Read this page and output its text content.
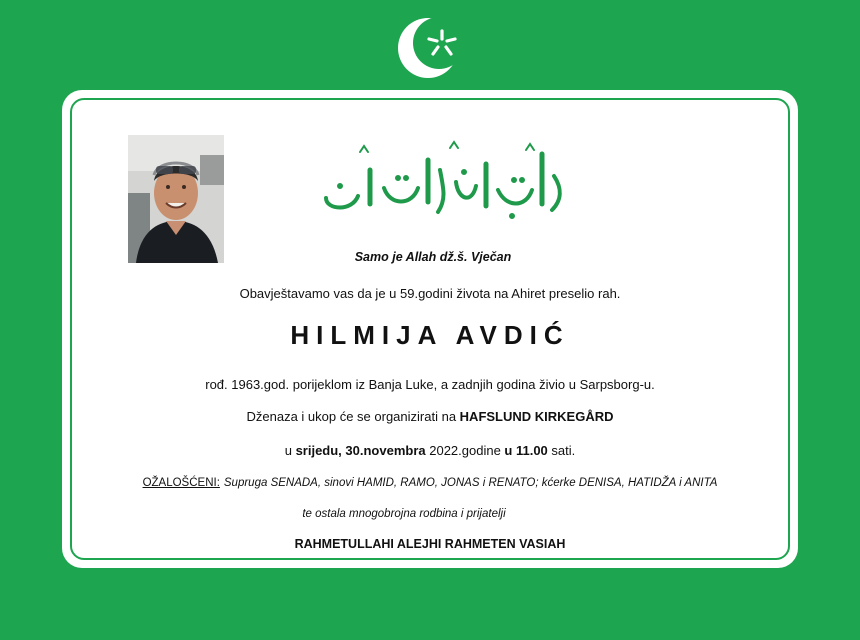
Samo je Allah dž.š. Vječan
Obavještavamo vas da je u 59.godini života na Ahiret preselio rah.
HILMIJA AVDIĆ
rođ. 1963.god. porijeklom iz Banja Luke, a zadnjih godina živio u Sarpsborg-u.
Dženaza i ukop će se organizirati na HAFSLUND KIRKEGÅRD
u srijedu, 30.novembra 2022.godine u 11.00 sati.
OŽALOŠĆENI: Supruga SENADA, sinovi HAMID, RAMO, JONAS i RENATO; kćerke DENISA, HATIDŽA i ANITA
te ostala mnogobrojna rodbina i prijatelji
RAHMETULLAHI ALEJHI RAHMETEN VASIAH
